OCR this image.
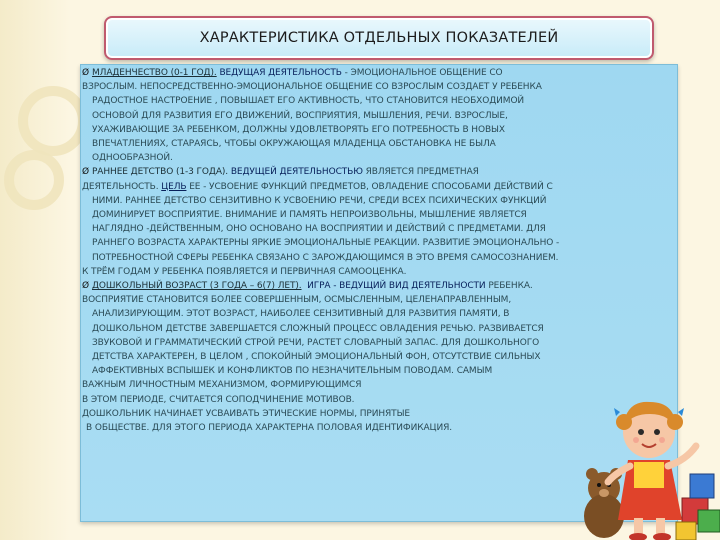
ХАРАКТЕРИСТИКА ОТДЕЛЬНЫХ ПОКАЗАТЕЛЕЙ

Ø МЛАДЕНЧЕСТВО (0-1 ГОД). ВЕДУЩАЯ ДЕЯТЕЛЬНОСТЬ - ЭМОЦИОНАЛЬНОЕ ОБЩЕНИЕ СО

ВЗРОСЛЫМ. НЕПОСРЕДСТВЕННО-ЭМОЦИОНАЛЬНОЕ ОБЩЕНИЕ СО ВЗРОСЛЫМ СОЗДАЕТ У РЕБЕНКА

РАДОСТНОЕ НАСТРОЕНИЕ , ПОВЫШАЕТ ЕГО АКТИВНОСТЬ, ЧТО СТАНОВИТСЯ НЕОБХОДИМОЙ

ОСНОВОЙ ДЛЯ РАЗВИТИЯ ЕГО ДВИЖЕНИЙ, ВОСПРИЯТИЯ, МЫШЛЕНИЯ, РЕЧИ. ВЗРОСЛЫЕ,

УХАЖИВАЮЩИЕ ЗА РЕБЕНКОМ, ДОЛЖНЫ УДОВЛЕТВОРЯТЬ ЕГО ПОТРЕБНОСТЬ В НОВЫХ

ВПЕЧАТЛЕНИЯХ, СТАРАЯСЬ, ЧТОБЫ ОКРУЖАЮЩАЯ МЛАДЕНЦА ОБСТАНОВКА НЕ БЫЛА

ОДНООБРАЗНОЙ.

Ø РАННЕЕ ДЕТСТВО (1-3 ГОДА). ВЕДУЩЕЙ ДЕЯТЕЛЬНОСТЬЮ ЯВЛЯЕТСЯ ПРЕДМЕТНАЯ

ДЕЯТЕЛЬНОСТЬ. ЦЕЛЬ ЕЕ - УСВОЕНИЕ ФУНКЦИЙ ПРЕДМЕТОВ, ОВЛАДЕНИЕ СПОСОБАМИ ДЕЙСТВИЙ С

НИМИ. РАННЕЕ ДЕТСТВО СЕНЗИТИВНО К УСВОЕНИЮ РЕЧИ, СРЕДИ ВСЕХ ПСИХИЧЕСКИХ ФУНКЦИЙ

ДОМИНИРУЕТ ВОСПРИЯТИЕ. ВНИМАНИЕ И ПАМЯТЬ НЕПРОИЗВОЛЬНЫ, МЫШЛЕНИЕ ЯВЛЯЕТСЯ

НАГЛЯДНО -ДЕЙСТВЕННЫМ, ОНО ОСНОВАНО НА ВОСПРИЯТИИ И ДЕЙСТВИЙ С ПРЕДМЕТАМИ. ДЛЯ

РАННЕГО ВОЗРАСТА ХАРАКТЕРНЫ ЯРКИЕ ЭМОЦИОНАЛЬНЫЕ РЕАКЦИИ. РАЗВИТИЕ ЭМОЦИОНАЛЬНО -

ПОТРЕБНОСТНОЙ СФЕРЫ РЕБЕНКА СВЯЗАНО С ЗАРОЖДАЮЩИМСЯ В ЭТО ВРЕМЯ САМОСОЗНАНИЕМ.

К ТРЁМ ГОДАМ У РЕБЕНКА ПОЯВЛЯЕТСЯ И ПЕРВИЧНАЯ САМООЦЕНКА.

Ø ДОШКОЛЬНЫЙ ВОЗРАСТ (3 ГОДА – 6(7) ЛЕТ). ИГРА - ВЕДУЩИЙ ВИД ДЕЯТЕЛЬНОСТИ РЕБЕНКА.

ВОСПРИЯТИЕ СТАНОВИТСЯ БОЛЕЕ СОВЕРШЕННЫМ, ОСМЫСЛЕННЫМ, ЦЕЛЕНАПРАВЛЕННЫМ,

АНАЛИЗИРУЮЩИМ. ЭТОТ ВОЗРАСТ, НАИБОЛЕЕ СЕНЗИТИВНЫЙ ДЛЯ РАЗВИТИЯ ПАМЯТИ, В

ДОШКОЛЬНОМ ДЕТСТВЕ ЗАВЕРШАЕТСЯ СЛОЖНЫЙ ПРОЦЕСС ОВЛАДЕНИЯ РЕЧЬЮ. РАЗВИВАЕТСЯ

ЗВУКОВОЙ И ГРАММАТИЧЕСКИЙ СТРОЙ РЕЧИ, РАСТЕТ СЛОВАРНЫЙ ЗАПАС. ДЛЯ ДОШКОЛЬНОГО

ДЕТСТВА ХАРАКТЕРЕН, В ЦЕЛОМ , СПОКОЙНЫЙ ЭМОЦИОНАЛЬНЫЙ ФОН, ОТСУТСТВИЕ СИЛЬНЫХ

АФФЕКТИВНЫХ ВСПЫШЕК И КОНФЛИКТОВ ПО НЕЗНАЧИТЕЛЬНЫМ ПОВОДАМ. САМЫМ

ВАЖНЫМ ЛИЧНОСТНЫМ МЕХАНИЗМОМ, ФОРМИРУЮЩИМСЯ

В ЭТОМ ПЕРИОДЕ, СЧИТАЕТСЯ СОПОДЧИНЕНИЕ МОТИВОВ.

ДОШКОЛЬНИК НАЧИНАЕТ УСВАИВАТЬ ЭТИЧЕСКИЕ НОРМЫ, ПРИНЯТЫЕ

В ОБЩЕСТВЕ. ДЛЯ ЭТОГО ПЕРИОДА ХАРАКТЕРНА ПОЛОВАЯ ИДЕНТИФИКАЦИЯ.
